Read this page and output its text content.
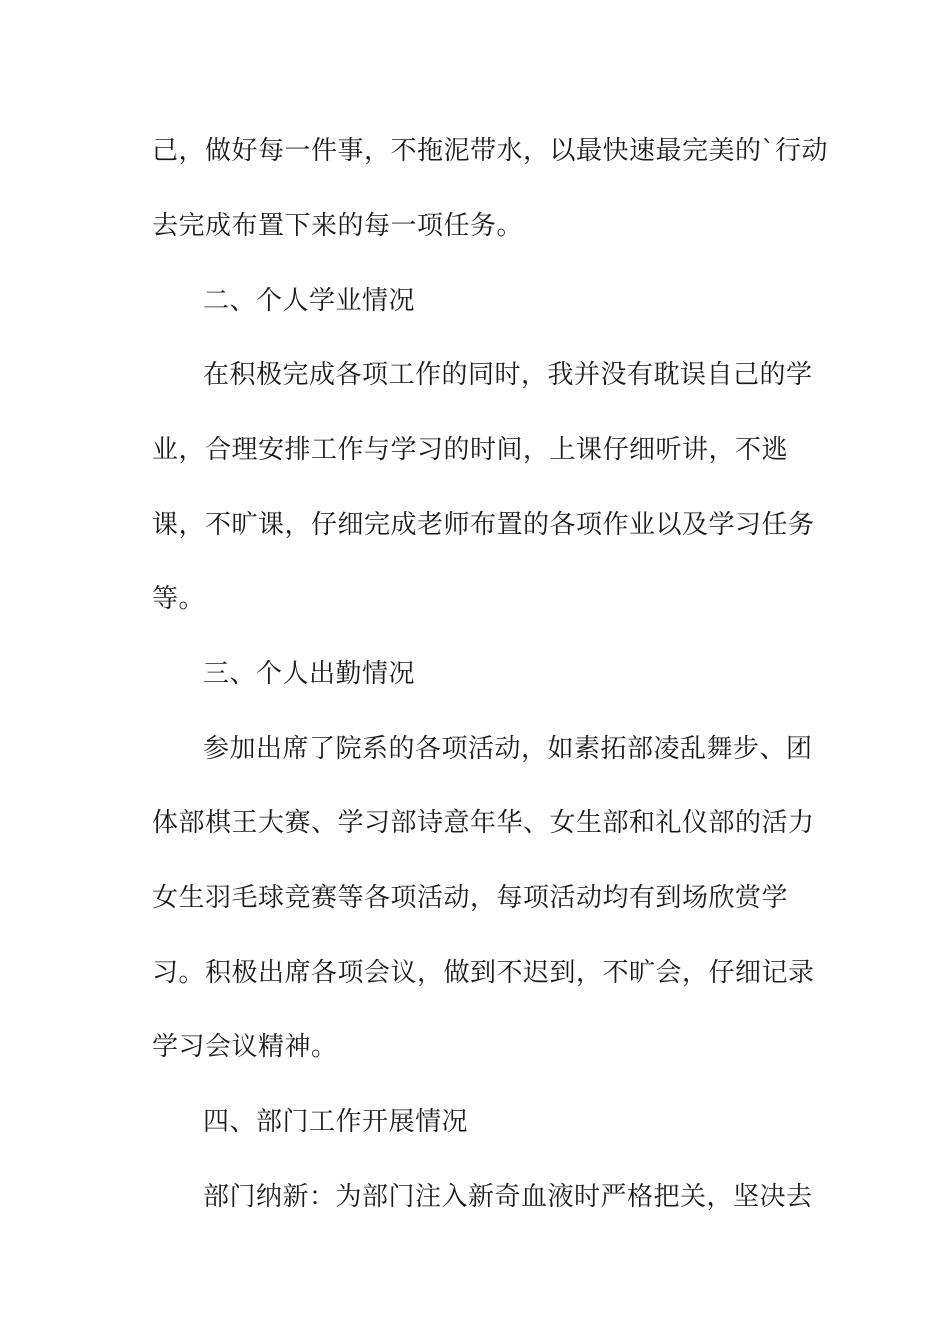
己，做好每一件事，不拖泥带水，以最快速最完美的`行动
去完成布置下来的每一项任务。
二、个人学业情况
在积极完成各项工作的同时，我并没有耽误自己的学
业，合理安排工作与学习的时间，上课仔细听讲，不逃
课，不旷课，仔细完成老师布置的各项作业以及学习任务
等。
三、个人出勤情况
参加出席了院系的各项活动，如素拓部凌乱舞步、团
体部棋王大赛、学习部诗意年华、女生部和礼仪部的活力
女生羽毛球竞赛等各项活动，每项活动均有到场欣赏学
习。积极出席各项会议，做到不迟到，不旷会，仔细记录
学习会议精神。
四、部门工作开展情况
部门纳新：为部门注入新奇血液时严格把关，坚决去
